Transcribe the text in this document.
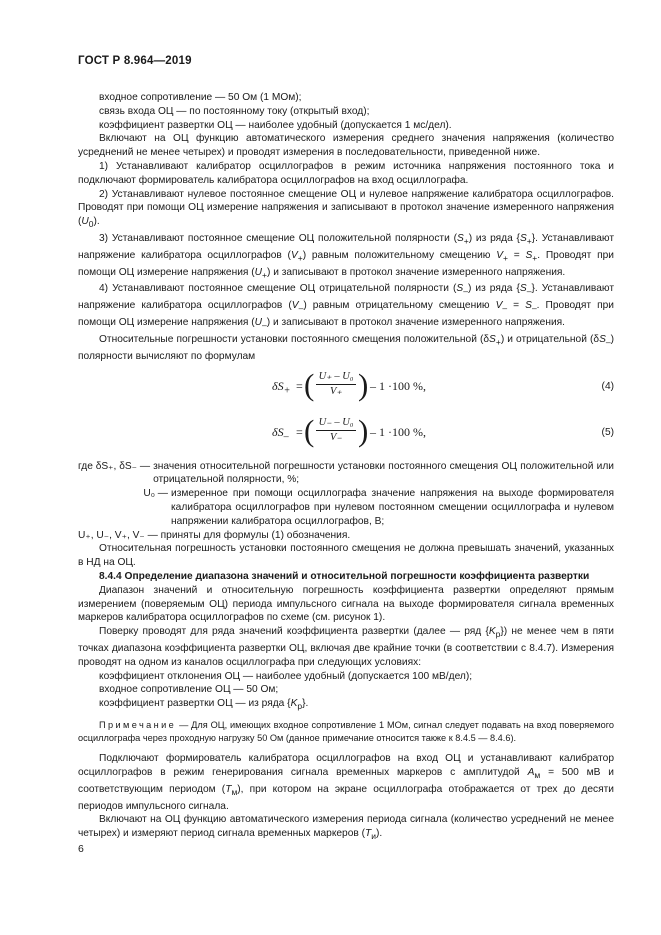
ГОСТ Р 8.964—2019

входное сопротивление — 50 Ом (1 МОм);

связь входа ОЦ — по постоянному току (открытый вход);

коэффициент развертки ОЦ — наиболее удобный (допускается 1 мс/дел).

Включают на ОЦ функцию автоматического измерения среднего значения напряжения (количество усреднений не менее четырех) и проводят измерения в последовательности, приведенной ниже.

1) Устанавливают калибратор осциллографов в режим источника напряжения постоянного тока и подключают формирователь калибратора осциллографов на вход осциллографа.

2) Устанавливают нулевое постоянное смещение ОЦ и нулевое напряжение калибратора осциллографов. Проводят при помощи ОЦ измерение напряжения и записывают в протокол значение измеренного напряжения $(U_0)$.

3) Устанавливают постоянное смещение ОЦ положительной полярности $(S_+)$ из ряда $\{S_+\}$. Устанавливают напряжение калибратора осциллографов $(V_+)$ равным положительному смещению $V_+ = S_+$. Проводят при помощи ОЦ измерение напряжения $(U_+)$ и записывают в протокол значение измеренного напряжения.

4) Устанавливают постоянное смещение ОЦ отрицательной полярности $(S_-)$ из ряда $\{S_-\}$. Устанавливают напряжение калибратора осциллографов $(V_-)$ равным отрицательному смещению $V_- = S_-$. Проводят при помощи ОЦ измерение напряжения $(U_-)$ и записывают в протокол значение измеренного напряжения.

Относительные погрешности установки постоянного смещения положительной $(\delta S_+)$ и отрицательной $(\delta S_-)$ полярности вычисляют по формулам

$\delta S_+$ = ( $\frac{\text{U₊ – U₀}}{V_+} - 1 \cdot 100$ %,	(4)
)
$\delta S_-$ = ( $\frac{\text{U₋ – U₀}}{V_-} - 1 \cdot 100$ %,	(5)
)
где δS₊, δS₋ — значения относительной погрешности установки постоянного смещения ОЦ положительной или отрицательной полярности, %;
U₀ — измеренное при помощи осциллографа значение напряжения на выходе формирователя калибратора осциллографов при нулевом постоянном смещении осциллографа и нулевом напряжении калибратора осциллографов, В;

U₊, U₋, V₊, V₋ — приняты для формулы (1) обозначения.

Относительная погрешность установки постоянного смещения не должна превышать значений, указанных в НД на ОЦ.

8.4.4 Определение диапазона значений и относительной погрешности коэффициента развертки

Диапазон значений и относительную погрешность коэффициента развертки определяют прямым измерением (поверяемым ОЦ) периода импульсного сигнала на выходе формирователя сигнала временных маркеров калибратора осциллографов по схеме (см. рисунок 1).

Поверку проводят для ряда значений коэффициента развертки (далее — ряд $\{K_р\}$) не менее чем в пяти точках диапазона коэффициента развертки ОЦ, включая две крайние точки (в соответствии с 8.4.7). Измерения проводят на одном из каналов осциллографа при следующих условиях:

коэффициент отклонения ОЦ — наиболее удобный (допускается 100 мВ/дел);

входное сопротивление ОЦ — 50 Ом;

коэффициент развертки ОЦ — из ряда $\{K_р\}$.

Примечание — Для ОЦ, имеющих входное сопротивление 1 МОм, сигнал следует подавать на вход поверяемого осциллографа через проходную нагрузку 50 Ом (данное примечание относится также к 8.4.5 — 8.4.6).

Подключают формирователь калибратора осциллографов на вход ОЦ и устанавливают калибратор осциллографов в режим генерирования сигнала временных маркеров с амплитудой $A_м = 500$ мВ и соответствующим периодом $(T_м)$, при котором на экране осциллографа отображается от трех до десяти периодов импульсного сигнала.

Включают на ОЦ функцию автоматического измерения периода сигнала (количество усреднений не менее четырех) и измеряют период сигнала временных маркеров $(T_и)$.

6
